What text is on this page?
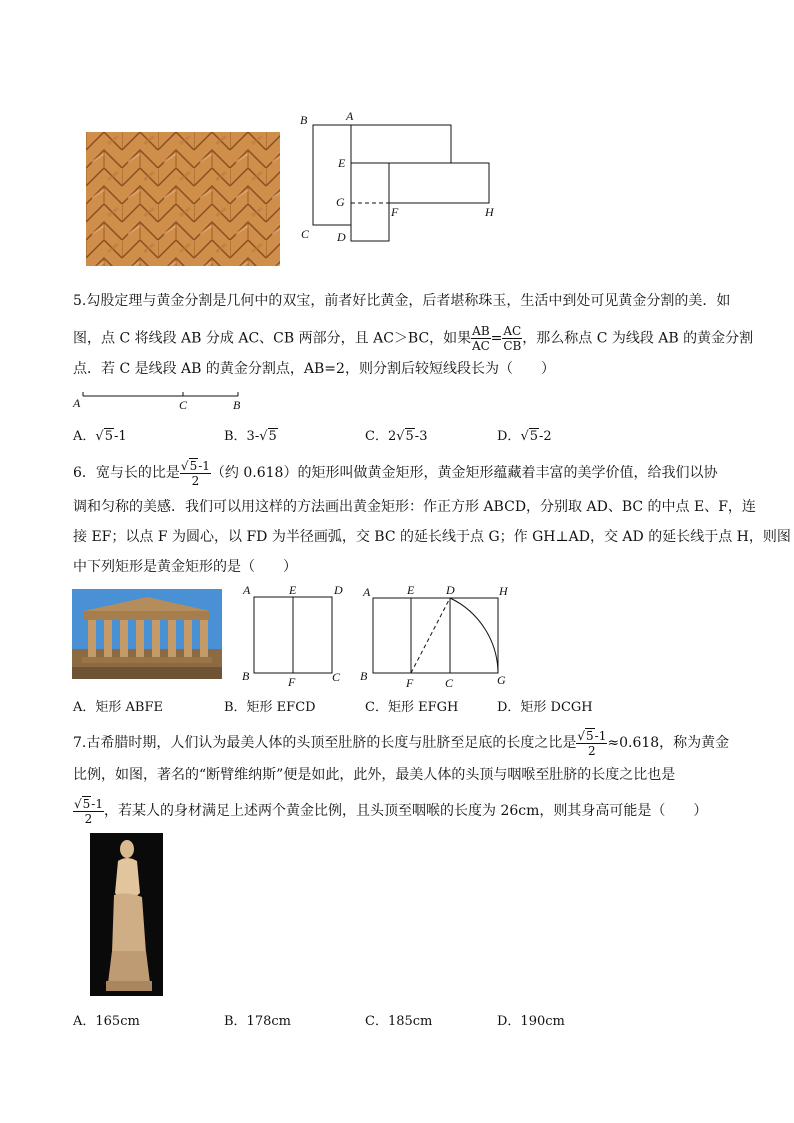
B	A
E
G
F	H
C D
5.勾股定理与黄金分割是几何中的双宝，前者好比黄金，后者堪称珠玉，生活中到处可见黄金分割的美．如
图，点 C 将线段 AB 分成 AC、CB 两部分，且 AC＞BC，如果 $\frac{AB}{AC} = \frac{AC}{CB}$ ，那么称点 C 为线段 AB 的黄金分割
点．若 C 是线段 AB 的黄金分割点，AB=2，则分割后较短线段长为（　　）
A	C	B
A．√5-1	B．3-√5	C．2√5-3	D．√5-2
6．宽与长的比是 $\frac{√5-1}{2}$ （约 0.618）的矩形叫做黄金矩形，黄金矩形蕴藏着丰富的美学价值，给我们以协
调和匀称的美感．我们可以用这样的方法画出黄金矩形：作正方形 ABCD，分别取 AD、BC 的中点 E、F，连
接 EF；以点 F 为圆心，以 FD 为半径画弧，交 BC 的延长线于点 G；作 GH⊥AD，交 AD 的延长线于点 H，则图
中下列矩形是黄金矩形的是（　　）
A	E	D
B	F	C
A	E	D	H
B	F	C	G
A．矩形 ABFE	B．矩形 EFCD	C．矩形 EFGH	D．矩形 DCGH
7.古希腊时期，人们认为最美人体的头顶至肚脐的长度与肚脐至足底的长度之比是 $\frac{√5-1}{2} \approx 0.618$，称为黄金
比例，如图，著名的“断臂维纳斯”便是如此，此外，最美人体的头顶与咽喉至肚脐的长度之比也是
$\frac{√5-1}{2}$ ，若某人的身材满足上述两个黄金比例，且头顶至咽喉的长度为 26cm，则其身高可能是（　　）
A．165cm	B．178cm	C．185cm	D．190cm
